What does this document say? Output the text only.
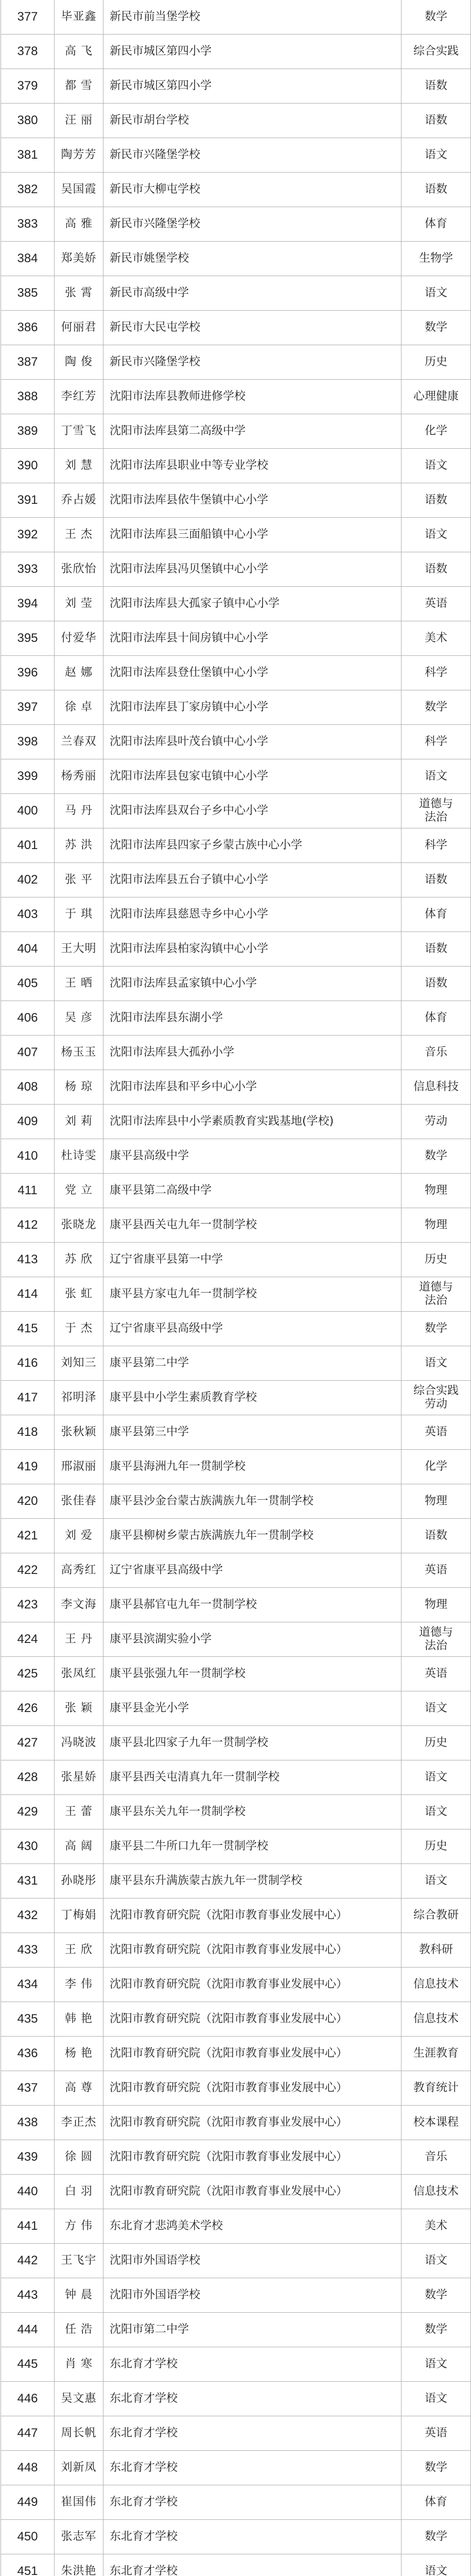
377	毕亚鑫	新民市前当堡学校	数学
378	高 飞	新民市城区第四小学	综合实践
379	都 雪	新民市城区第四小学	语数
380	汪 丽	新民市胡台学校	语数
381	陶芳芳	新民市兴隆堡学校	语文
382	吴国霞	新民市大柳屯学校	语数
383	高 雅	新民市兴隆堡学校	体育
384	郑美娇	新民市姚堡学校	生物学
385	张 霄	新民市高级中学	语文
386	何丽君	新民市大民屯学校	数学
387	陶 俊	新民市兴隆堡学校	历史
388	李红芳	沈阳市法库县教师进修学校	心理健康
389	丁雪飞	沈阳市法库县第二高级中学	化学
390	刘 慧	沈阳市法库县职业中等专业学校	语文
391	乔占媛	沈阳市法库县依牛堡镇中心小学	语数
392	王 杰	沈阳市法库县三面船镇中心小学	语文
393	张欣怡	沈阳市法库县冯贝堡镇中心小学	语数
394	刘 莹	沈阳市法库县大孤家子镇中心小学	英语
395	付爱华	沈阳市法库县十间房镇中心小学	美术
396	赵 娜	沈阳市法库县登仕堡镇中心小学	科学
397	徐 卓	沈阳市法库县丁家房镇中心小学	数学
398	兰春双	沈阳市法库县叶茂台镇中心小学	科学
399	杨秀丽	沈阳市法库县包家屯镇中心小学	语文
400	马 丹	沈阳市法库县双台子乡中心小学	道德与
法治
401	苏 洪	沈阳市法库县四家子乡蒙古族中心小学	科学
402	张 平	沈阳市法库县五台子镇中心小学	语数
403	于 琪	沈阳市法库县慈恩寺乡中心小学	体育
404	王大明	沈阳市法库县柏家沟镇中心小学	语数
405	王 晒	沈阳市法库县孟家镇中心小学	语数
406	吴 彦	沈阳市法库县东湖小学	体育
407	杨玉玉	沈阳市法库县大孤孙小学	音乐
408	杨 琼	沈阳市法库县和平乡中心小学	信息科技
409	刘 莉	沈阳市法库县中小学素质教育实践基地(学校)	劳动
410	杜诗雯	康平县高级中学	数学
411	党 立	康平县第二高级中学	物理
412	张晓龙	康平县西关屯九年一贯制学校	物理
413	苏 欣	辽宁省康平县第一中学	历史
414	张 虹	康平县方家屯九年一贯制学校	道德与
法治
415	于 杰	辽宁省康平县高级中学	数学
416	刘知三	康平县第二中学	语文
417	祁明泽	康平县中小学生素质教育学校	综合实践
劳动
418	张秋颖	康平县第三中学	英语
419	邢淑丽	康平县海洲九年一贯制学校	化学
420	张佳春	康平县沙金台蒙古族满族九年一贯制学校	物理
421	刘 爱	康平县柳树乡蒙古族满族九年一贯制学校	语数
422	高秀红	辽宁省康平县高级中学	英语
423	李文海	康平县郝官屯九年一贯制学校	物理
424	王 丹	康平县滨湖实验小学	道德与
法治
425	张凤红	康平县张强九年一贯制学校	英语
426	张 颖	康平县金光小学	语文
427	冯晓波	康平县北四家子九年一贯制学校	历史
428	张星娇	康平县西关屯清真九年一贯制学校	语文
429	王 蕾	康平县东关九年一贯制学校	语文
430	高 阔	康平县二牛所口九年一贯制学校	历史
431	孙晓彤	康平县东升满族蒙古族九年一贯制学校	语文
432	丁梅娟	沈阳市教育研究院（沈阳市教育事业发展中心）	综合教研
433	王 欣	沈阳市教育研究院（沈阳市教育事业发展中心）	教科研
434	李 伟	沈阳市教育研究院（沈阳市教育事业发展中心）	信息技术
435	韩 艳	沈阳市教育研究院（沈阳市教育事业发展中心）	信息技术
436	杨 艳	沈阳市教育研究院（沈阳市教育事业发展中心）	生涯教育
437	高 尊	沈阳市教育研究院（沈阳市教育事业发展中心）	教育统计
438	李正杰	沈阳市教育研究院（沈阳市教育事业发展中心）	校本课程
439	徐 圆	沈阳市教育研究院（沈阳市教育事业发展中心）	音乐
440	白 羽	沈阳市教育研究院（沈阳市教育事业发展中心）	信息技术
441	方 伟	东北育才悲鸿美术学校	美术
442	王飞宇	沈阳市外国语学校	语文
443	钟 晨	沈阳市外国语学校	数学
444	任 浩	沈阳市第二中学	数学
445	肖 寒	东北育才学校	语文
446	吴文惠	东北育才学校	语文
447	周长帆	东北育才学校	英语
448	刘新凤	东北育才学校	数学
449	崔国伟	东北育才学校	体育
450	张志军	东北育才学校	数学
451	朱洪艳	东北育才学校	语文
